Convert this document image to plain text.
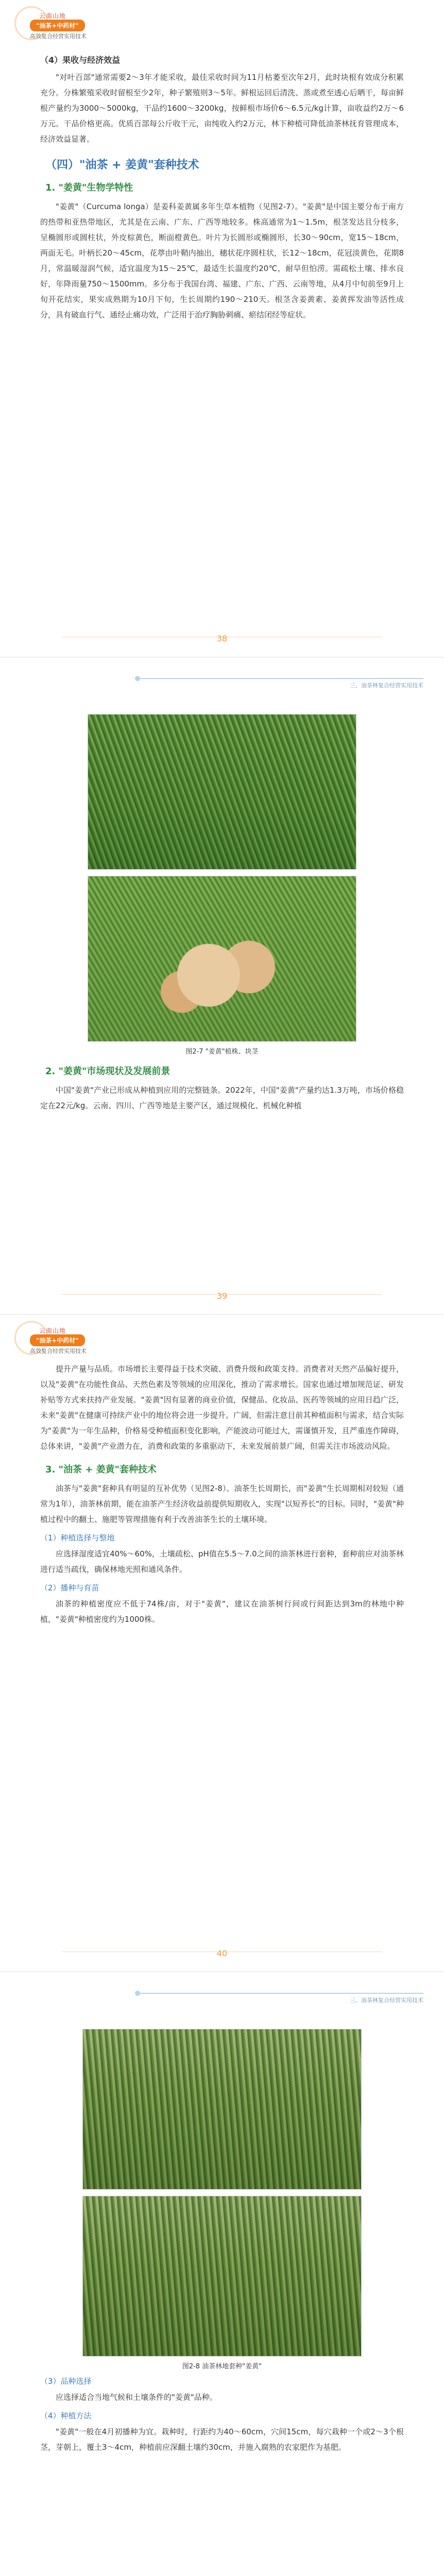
云南山地
"油茶+中药材"
高效复合经营实用技术
（4）果收与经济效益

"对叶百部"通常需要2～3年才能采收，最佳采收时间为11月枯萎至次年2月，此时块根有效成分积累充分。分株繁殖采收时留根至少2年，种子繁殖则3～5年。鲜根运回后清洗、蒸或煮至透心后晒干，每亩鲜根产量约为3000～5000kg，干品约1600～3200kg，按鲜根市场价6～6.5元/kg计算，亩收益约2万～6万元。干品价格更高。优质百部每公斤收干元，亩纯收入约2万元，林下种植可降低油茶林抚育管理成本，经济效益显著。

（四）"油茶 + 姜黄"套种技术
1. "姜黄"生物学特性

"姜黄"（Curcuma longa）是姜科姜黄属多年生草本植物（见图2-7）。"姜黄"是中国主要分布于南方的热带和亚热带地区，尤其是在云南、广东、广西等地较多。株高通常为1～1.5m，根茎发达且分枝多，呈椭圆形或圆柱状，外皮棕黄色，断面橙黄色。叶片为长圆形或椭圆形，长30～90cm，宽15～18cm，两面无毛。叶柄长20～45cm，花葶由叶鞘内抽出，穗状花序圆柱状，长12～18cm，花冠淡黄色，花期8月，常温暖湿润气候，适宜温度为15～25℃，最适生长温度约20℃，耐旱但怕涝。需疏松土壤、排水良好，年降雨量750～1500mm。多分布于我国台湾、福建、广东、广西、云南等地，从4月中旬前至9月上旬开花结实，果实成熟期为10月下旬，生长周期约190～210天。根茎含姜黄素、姜黄挥发油等活性成分，具有破血行气、通经止痛功效，广泛用于治疗胸胁刺痛、瘀结闭经等症状。

38
三、油茶林复合经营实用技术
图2-7 "姜黄"植株、块茎
2. "姜黄"市场现状及发展前景

中国"姜黄"产业已形成从种植到应用的完整链条。2022年，中国"姜黄"产量约达1.3万吨，市场价格稳定在22元/kg。云南、四川、广西等地是主要产区，通过规模化、机械化种植

39
云南山地
"油茶+中药材"
高效复合经营实用技术

提升产量与品质。市场增长主要得益于技术突破、消费升级和政策支持。消费者对天然产品偏好提升，以及"姜黄"在功能性食品、天然色素及等领域的应用深化，推动了需求增长。国家也通过增加规范证、研发补贴等方式来扶持产业发展。"姜黄"因有显著的商业价值，保健品、化妆品、医药等领域的应用日趋广泛，未来"姜黄"在健康可持续产业中的地位将会进一步提升。广阔，但需注意目前其种植面积与需求，结合实际为"姜黄"为一年生品种，价格易受种植面积变化影响，产能波动可能过大，需谨慎开发，且严重连作障碍，总体来讲，"姜黄"产业潜力在，消费和政策的多重驱动下，未来发展前景广阔，但需关注市场波动风险。

3. "油茶 + 姜黄"套种技术

油茶与"姜黄"套种具有明显的互补优势（见图2-8）。油茶生长周期长，而"姜黄"生长周期相对较短（通常为1年），油茶林前期，能在油茶产生经济收益前提供短期收入，实现"以短养长"的目标。同时，"姜黄"种植过程中的翻土、施肥等管理措施有利于改善油茶生长的土壤环境。

（1）种植选择与整地

应选择湿度适宜40%～60%，土壤疏松、pH值在5.5～7.0之间的油茶林进行套种，套种前应对油茶林进行适当疏伐，确保林地光照和通风条件。

（2）播种与育苗

油茶的种植密度应不低于74株/亩，对于"姜黄"，建议在油茶树行间或行间距达到3m的林地中种植，"姜黄"种植密度约为1000株。

40
三、油茶林复合经营实用技术
图2-8 油茶林地套种"姜黄"
（3）品种选择

应选择适合当地气候和土壤条件的"姜黄"品种。

（4）种植方法

"姜黄"一般在4月初播种为宜。栽种时，行距约为40～60cm，穴间15cm，每穴栽种一个或2～3个根茎，芽朝上，覆土3～4cm，种植前应深翻土壤约30cm，并施入腐熟的农家肥作为基肥。
